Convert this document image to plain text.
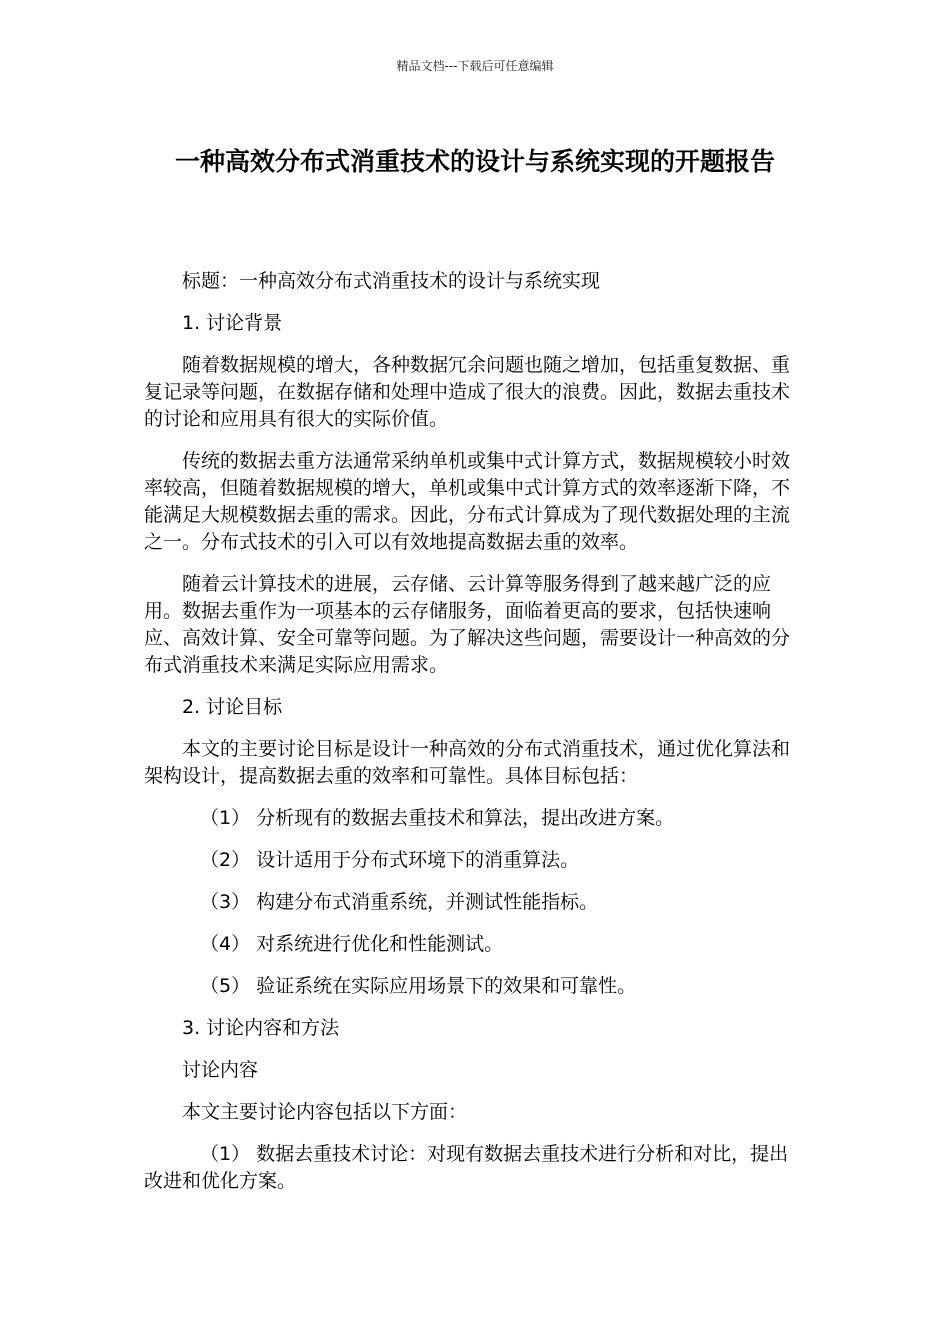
精品文档---下载后可任意编辑
一种高效分布式消重技术的设计与系统实现的开题报告

标题：一种高效分布式消重技术的设计与系统实现

1. 讨论背景

随着数据规模的增大，各种数据冗余问题也随之增加，包括重复数据、重复记录等问题，在数据存储和处理中造成了很大的浪费。因此，数据去重技术的讨论和应用具有很大的实际价值。

传统的数据去重方法通常采纳单机或集中式计算方式，数据规模较小时效率较高，但随着数据规模的增大，单机或集中式计算方式的效率逐渐下降，不能满足大规模数据去重的需求。因此，分布式计算成为了现代数据处理的主流之一。分布式技术的引入可以有效地提高数据去重的效率。

随着云计算技术的进展，云存储、云计算等服务得到了越来越广泛的应用。数据去重作为一项基本的云存储服务，面临着更高的要求，包括快速响应、高效计算、安全可靠等问题。为了解决这些问题，需要设计一种高效的分布式消重技术来满足实际应用需求。

2. 讨论目标

本文的主要讨论目标是设计一种高效的分布式消重技术，通过优化算法和架构设计，提高数据去重的效率和可靠性。具体目标包括：

（1） 分析现有的数据去重技术和算法，提出改进方案。

（2） 设计适用于分布式环境下的消重算法。

（3） 构建分布式消重系统，并测试性能指标。

（4） 对系统进行优化和性能测试。

（5） 验证系统在实际应用场景下的效果和可靠性。

3. 讨论内容和方法

讨论内容

本文主要讨论内容包括以下方面：

（1） 数据去重技术讨论：对现有数据去重技术进行分析和对比，提出改进和优化方案。
